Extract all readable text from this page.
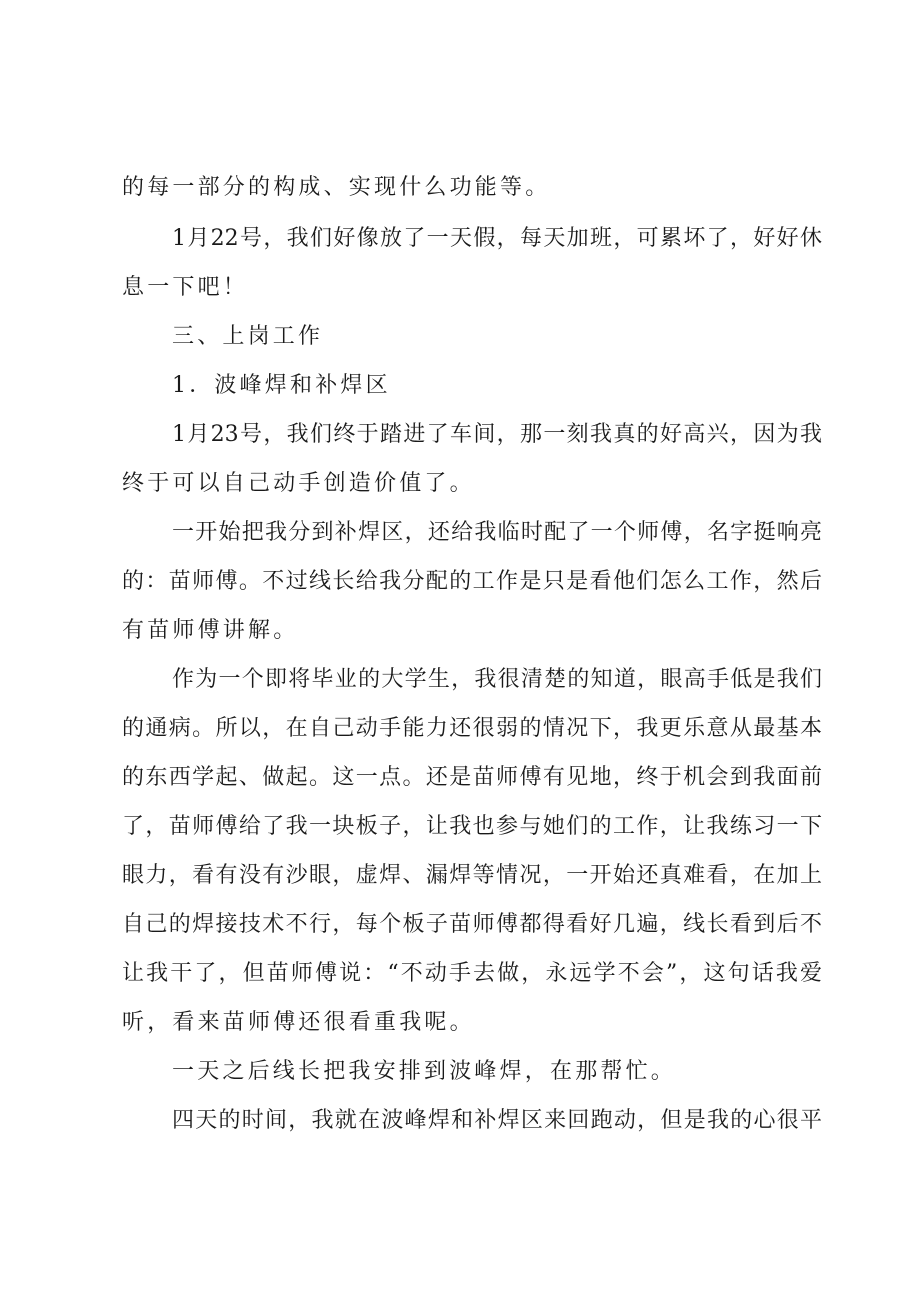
的每一部分的构成、实现什么功能等。
1月22号，我们好像放了一天假，每天加班，可累坏了，好好休
息一下吧！
三、上岗工作
1．波峰焊和补焊区
1月23号，我们终于踏进了车间，那一刻我真的好高兴，因为我
终于可以自己动手创造价值了。
一开始把我分到补焊区，还给我临时配了一个师傅，名字挺响亮
的：苗师傅。不过线长给我分配的工作是只是看他们怎么工作，然后
有苗师傅讲解。
作为一个即将毕业的大学生，我很清楚的知道，眼高手低是我们
的通病。所以，在自己动手能力还很弱的情况下，我更乐意从最基本
的东西学起、做起。这一点。还是苗师傅有见地，终于机会到我面前
了，苗师傅给了我一块板子，让我也参与她们的工作，让我练习一下
眼力，看有没有沙眼，虚焊、漏焊等情况，一开始还真难看，在加上
自己的焊接技术不行，每个板子苗师傅都得看好几遍，线长看到后不
让我干了，但苗师傅说：“不动手去做，永远学不会”，这句话我爱
听，看来苗师傅还很看重我呢。
一天之后线长把我安排到波峰焊，在那帮忙。
四天的时间，我就在波峰焊和补焊区来回跑动，但是我的心很平
